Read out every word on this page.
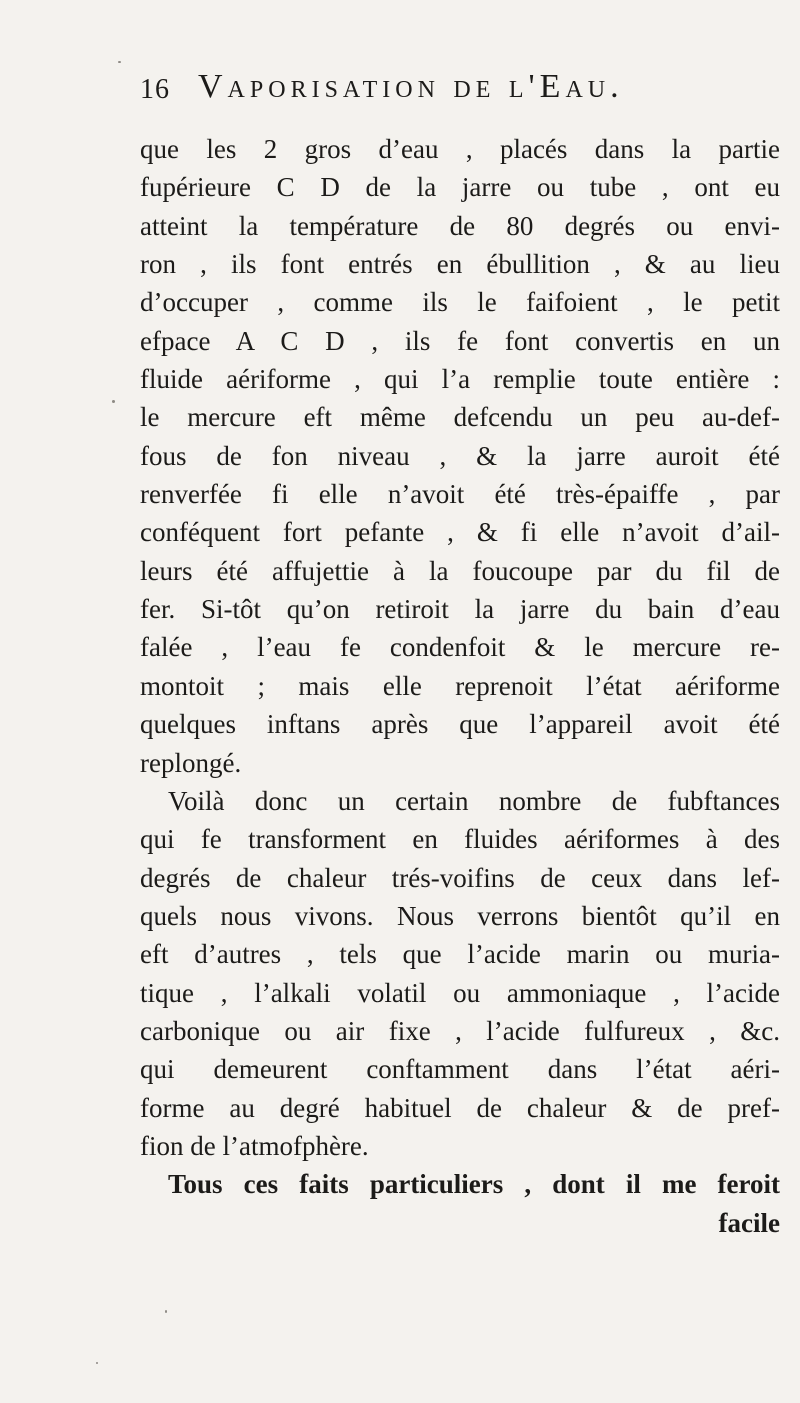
16 Vaporisation de l'Eau.
que les 2 gros d’eau , placés dans la partie
fupérieure C D de la jarre ou tube , ont eu
atteint la température de 80 degrés ou envi-
ron , ils font entrés en ébullition , & au lieu
d’occuper , comme ils le faifoient , le petit
efpace A C D , ils fe font convertis en un
fluide aériforme , qui l’a remplie toute entière :
le mercure eft même defcendu un peu au-def-
fous de fon niveau , & la jarre auroit été
renverfée fi elle n’avoit été très-épaiffe , par
conféquent fort pefante , & fi elle n’avoit d’ail-
leurs été affujettie à la foucoupe par du fil de
fer. Si-tôt qu’on retiroit la jarre du bain d’eau
falée , l’eau fe condenfoit & le mercure re-
montoit ; mais elle reprenoit l’état aériforme
quelques inftans après que l’appareil avoit été
replongé.
Voilà donc un certain nombre de fubftances
qui fe transforment en fluides aériformes à des
degrés de chaleur trés-voifins de ceux dans lef-
quels nous vivons. Nous verrons bientôt qu’il en
eft d’autres , tels que l’acide marin ou muria-
tique , l’alkali volatil ou ammoniaque , l’acide
carbonique ou air fixe , l’acide fulfureux , &c.
qui demeurent conftamment dans l’état aéri-
forme au degré habituel de chaleur & de pref-
fion de l’atmofphère.
Tous ces faits particuliers , dont il me feroit
facile
